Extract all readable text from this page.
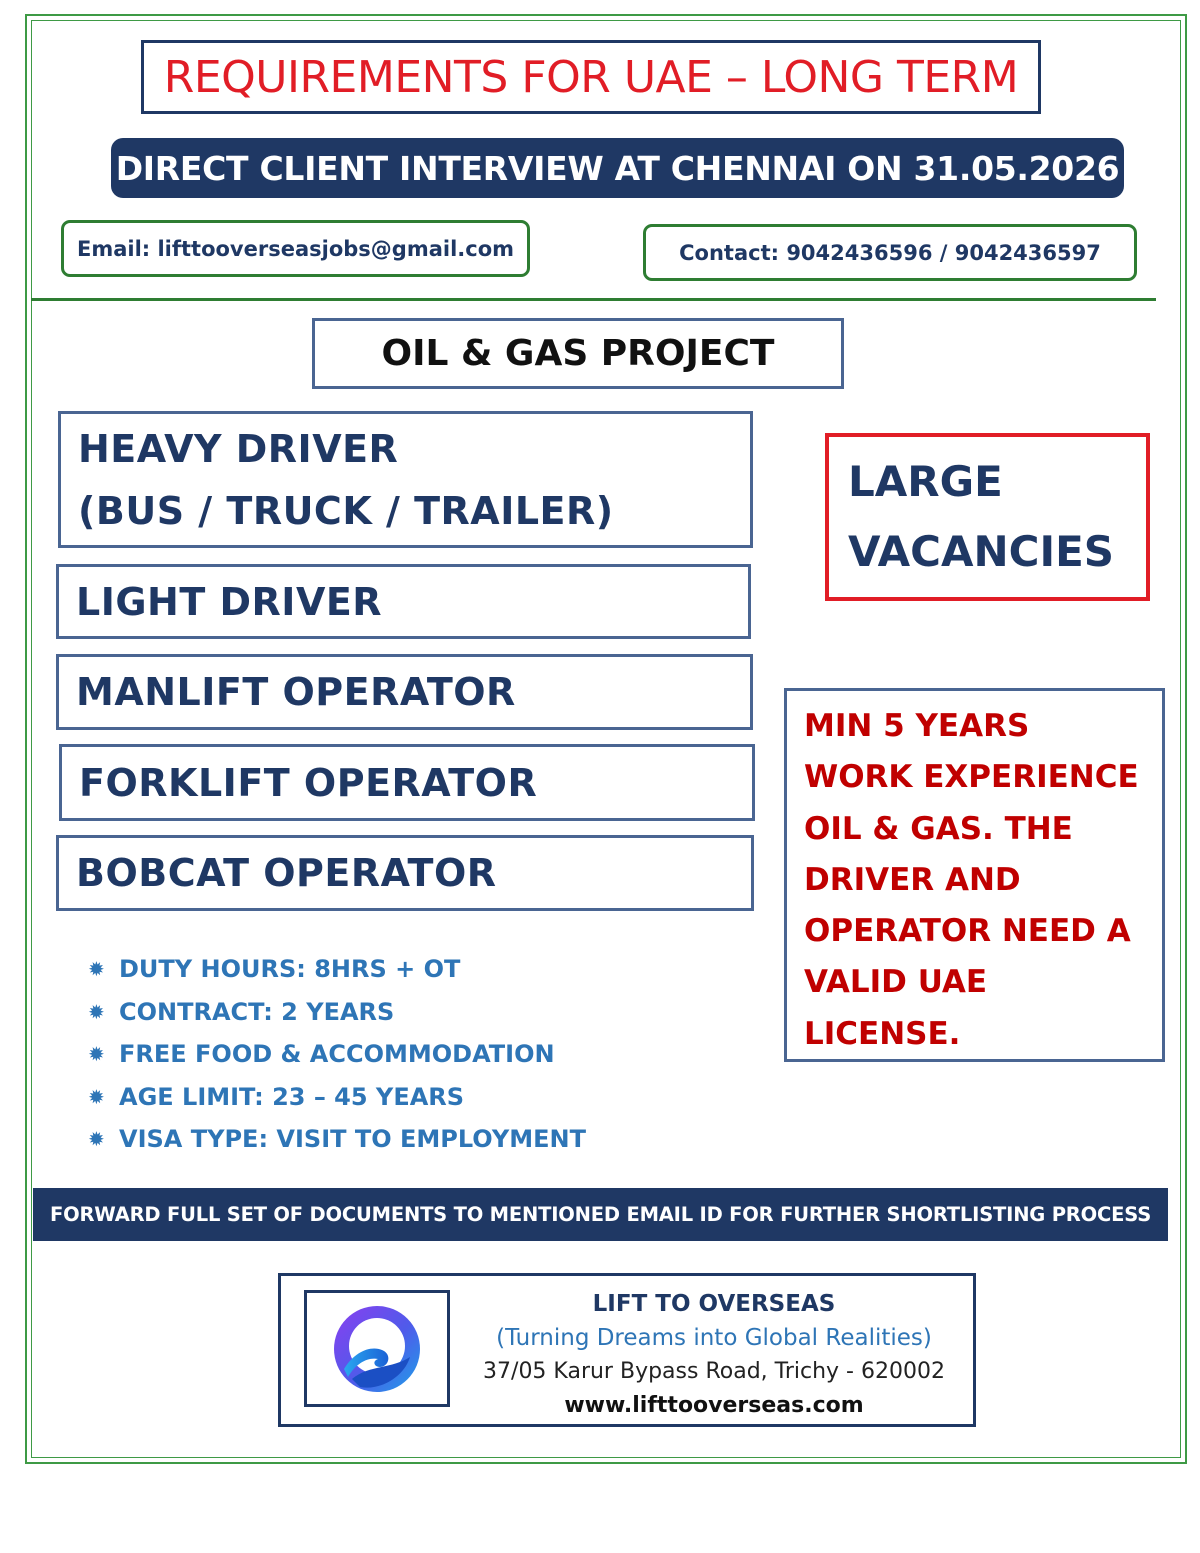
REQUIREMENTS FOR UAE – LONG TERM
DIRECT CLIENT INTERVIEW AT CHENNAI ON 31.05.2026
Email: lifttooverseasjobs@gmail.com	Contact: 9042436596 / 9042436597
OIL & GAS PROJECT
HEAVY DRIVER
(BUS / TRUCK / TRAILER)
LIGHT DRIVER
MANLIFT OPERATOR
FORKLIFT OPERATOR
BOBCAT OPERATOR
LARGE
VACANCIES
MIN 5 YEARS
WORK EXPERIENCE
OIL & GAS. THE
DRIVER AND
OPERATOR NEED A
VALID UAE
LICENSE.
✹ DUTY HOURS: 8HRS + OT
✹ CONTRACT: 2 YEARS
✹ FREE FOOD & ACCOMMODATION
✹ AGE LIMIT: 23 – 45 YEARS
✹ VISA TYPE: VISIT TO EMPLOYMENT
FORWARD FULL SET OF DOCUMENTS TO MENTIONED EMAIL ID FOR FURTHER SHORTLISTING PROCESS
LIFT TO OVERSEAS
(Turning Dreams into Global Realities)
37/05 Karur Bypass Road, Trichy - 620002
www.lifttooverseas.com
